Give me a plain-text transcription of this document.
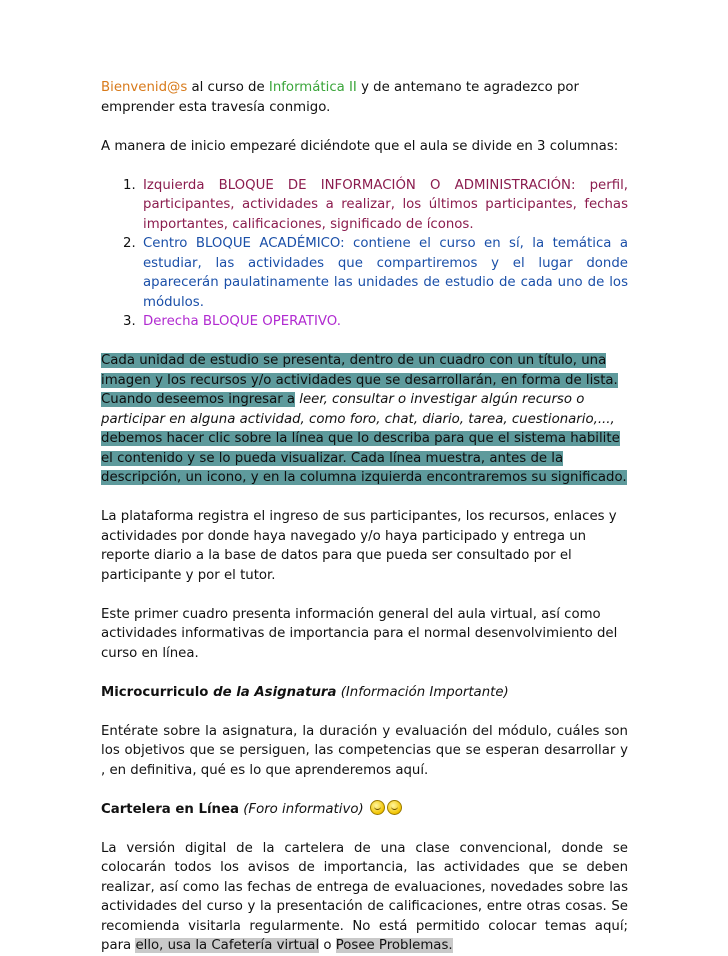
Bienvenid@s al curso de Informática II y de antemano te agradezco por emprender esta travesía conmigo.

A manera de inicio empezaré diciéndote que el aula se divide en 3 columnas:

1. Izquierda BLOQUE DE INFORMACIÓN O ADMINISTRACIÓN: perfil, participantes, actividades a realizar, los últimos participantes, fechas importantes, calificaciones, significado de íconos.
2. Centro BLOQUE ACADÉMICO: contiene el curso en sí, la temática a estudiar, las actividades que compartiremos y el lugar donde aparecerán paulatinamente las unidades de estudio de cada uno de los módulos.
3. Derecha BLOQUE OPERATIVO.

Cada unidad de estudio se presenta, dentro de un cuadro con un título, una imagen y los recursos y/o actividades que se desarrollarán, en forma de lista. Cuando deseemos ingresar a leer, consultar o investigar algún recurso o participar en alguna actividad, como foro, chat, diario, tarea, cuestionario,..., debemos hacer clic sobre la línea que lo describa para que el sistema habilite el contenido y se lo pueda visualizar. Cada línea muestra, antes de la descripción, un icono, y en la columna izquierda encontraremos su significado.

La plataforma registra el ingreso de sus participantes, los recursos, enlaces y actividades por donde haya navegado y/o haya participado y entrega un reporte diario a la base de datos para que pueda ser consultado por el participante y por el tutor.

Este primer cuadro presenta información general del aula virtual, así como actividades informativas de importancia para el normal desenvolvimiento del curso en línea.

Microcurriculo de la Asignatura (Información Importante)

Entérate sobre la asignatura, la duración y evaluación del módulo, cuáles son los objetivos que se persiguen, las competencias que se esperan desarrollar y , en definitiva, qué es lo que aprenderemos aquí.

Cartelera en Línea (Foro informativo)

La versión digital de la cartelera de una clase convencional, donde se colocarán todos los avisos de importancia, las actividades que se deben realizar, así como las fechas de entrega de evaluaciones, novedades sobre las actividades del curso y la presentación de calificaciones, entre otras cosas. Se recomienda visitarla regularmente. No está permitido colocar temas aquí; para ello, usa la Cafetería virtual o Posee Problemas.
